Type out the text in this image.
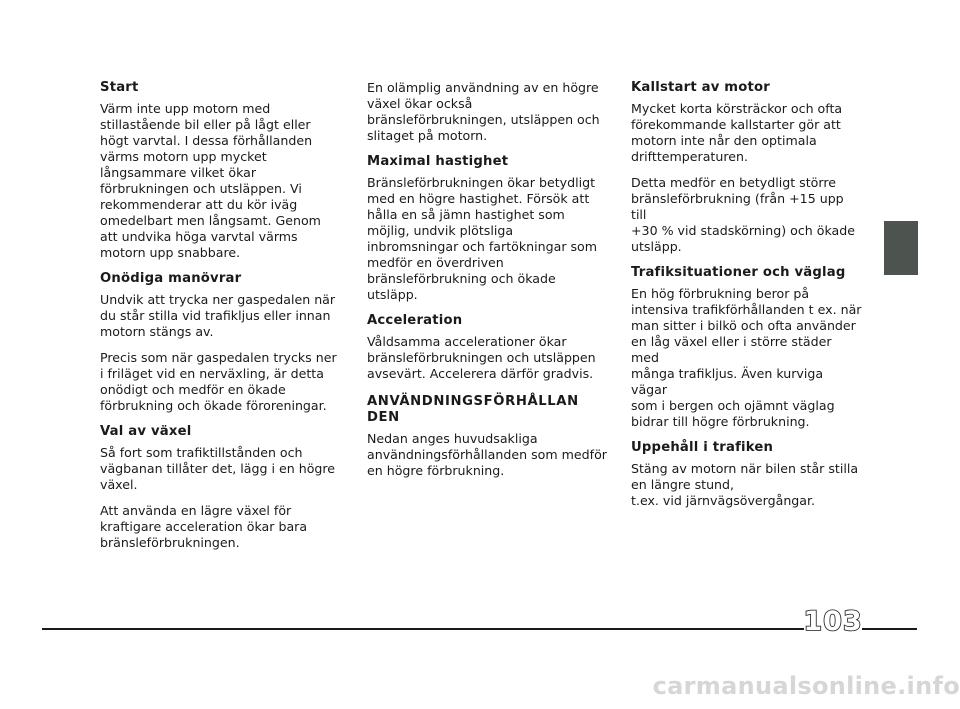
Start
Värm inte upp motorn med
stillastående bil eller på lågt eller
högt varvtal. I dessa förhållanden
värms motorn upp mycket
långsammare vilket ökar
förbrukningen och utsläppen. Vi
rekommenderar att du kör iväg
omedelbart men långsamt. Genom
att undvika höga varvtal värms
motorn upp snabbare.
Onödiga manövrar
Undvik att trycka ner gaspedalen när
du står stilla vid trafikljus eller innan
motorn stängs av.
Precis som när gaspedalen trycks ner
i friläget vid en nerväxling, är detta
onödigt och medför en ökade
förbrukning och ökade föroreningar.
Val av växel
Så fort som trafiktillstånden och
vägbanan tillåter det, lägg i en högre
växel.
Att använda en lägre växel för
kraftigare acceleration ökar bara
bränsleförbrukningen.
En olämplig användning av en högre
växel ökar också
bränsleförbrukningen, utsläppen och
slitaget på motorn.
Maximal hastighet
Bränsleförbrukningen ökar betydligt
med en högre hastighet. Försök att
hålla en så jämn hastighet som
möjlig, undvik plötsliga
inbromsningar och fartökningar som
medför en överdriven
bränsleförbrukning och ökade
utsläpp.
Acceleration
Våldsamma accelerationer ökar
bränsleförbrukningen och utsläppen
avsevärt. Accelerera därför gradvis.
ANVÄNDNINGSFÖRHÅLLAN
DEN
Nedan anges huvudsakliga
användningsförhållanden som medför
en högre förbrukning.
Kallstart av motor
Mycket korta körsträckor och ofta
förekommande kallstarter gör att
motorn inte når den optimala
drifttemperaturen.
Detta medför en betydligt större
bränsleförbrukning (från +15 upp till
+30 % vid stadskörning) och ökade
utsläpp.
Trafiksituationer och väglag
En hög förbrukning beror på
intensiva trafikförhållanden t ex. när
man sitter i bilkö och ofta använder
en låg växel eller i större städer med
många trafikljus. Även kurviga vägar
som i bergen och ojämnt väglag
bidrar till högre förbrukning.
Uppehåll i trafiken
Stäng av motorn när bilen står stilla
en längre stund,
t.ex. vid järnvägsövergångar.
103
carmanualsonline.info
